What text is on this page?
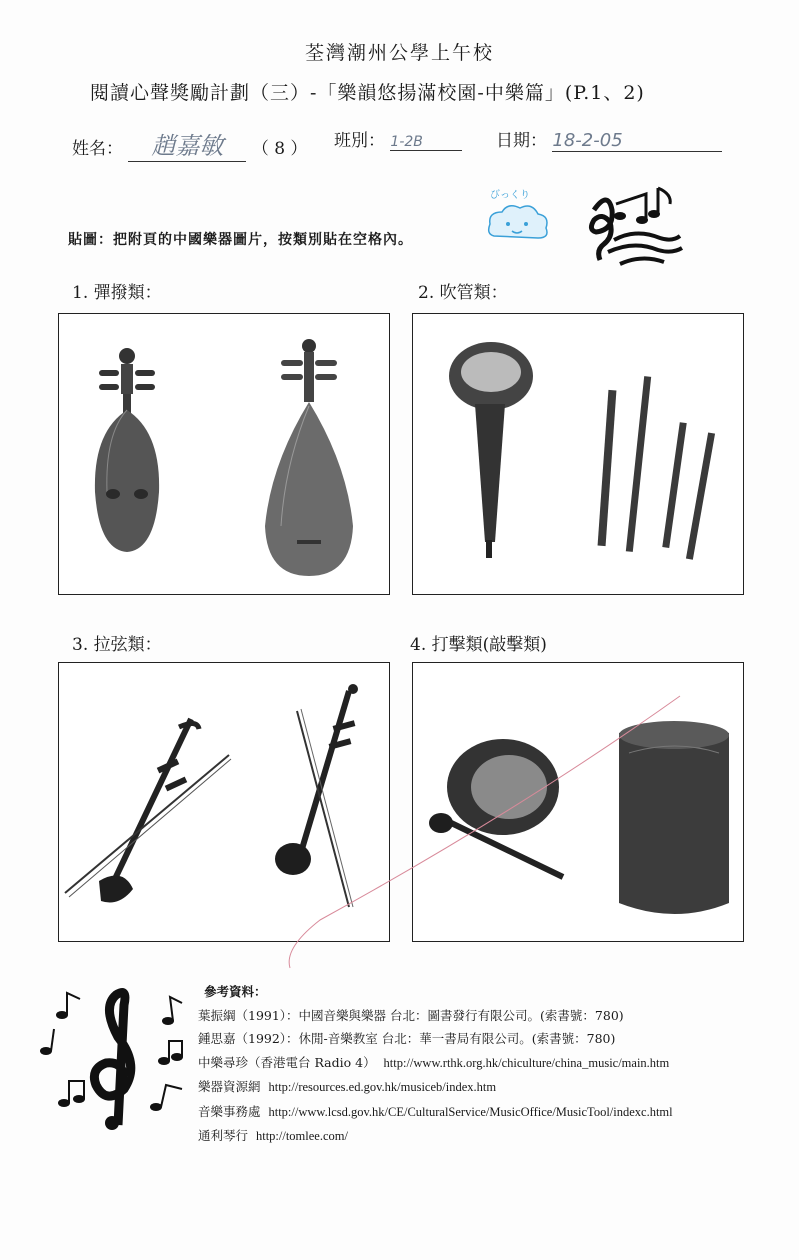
荃灣潮州公學上午校
閱讀心聲獎勵計劃（三）-「樂韻悠揚滿校園-中樂篇」(P.1、2)
姓名： 趙嘉敏 （ 8 ） 班別： 1-2B	日期： 18-2-05
びっくり
貼圖：把附頁的中國樂器圖片，按類別貼在空格內。
1. 彈撥類：	2. 吹管類：
3. 拉弦類：	4. 打擊類(敲擊類)
參考資料：
葉振綱（1991）：中國音樂與樂器 台北：圖書發行有限公司。(索書號：780)
鍾思嘉（1992）：休閒-音樂教室 台北：華一書局有限公司。(索書號：780)
中樂尋珍（香港電台 Radio 4） http://www.rthk.org.hk/chiculture/china_music/main.htm
樂器資源網 http://resources.ed.gov.hk/musiceb/index.htm
音樂事務處 http://www.lcsd.gov.hk/CE/CulturalService/MusicOffice/MusicTool/indexc.html
通利琴行 http://tomlee.com/
